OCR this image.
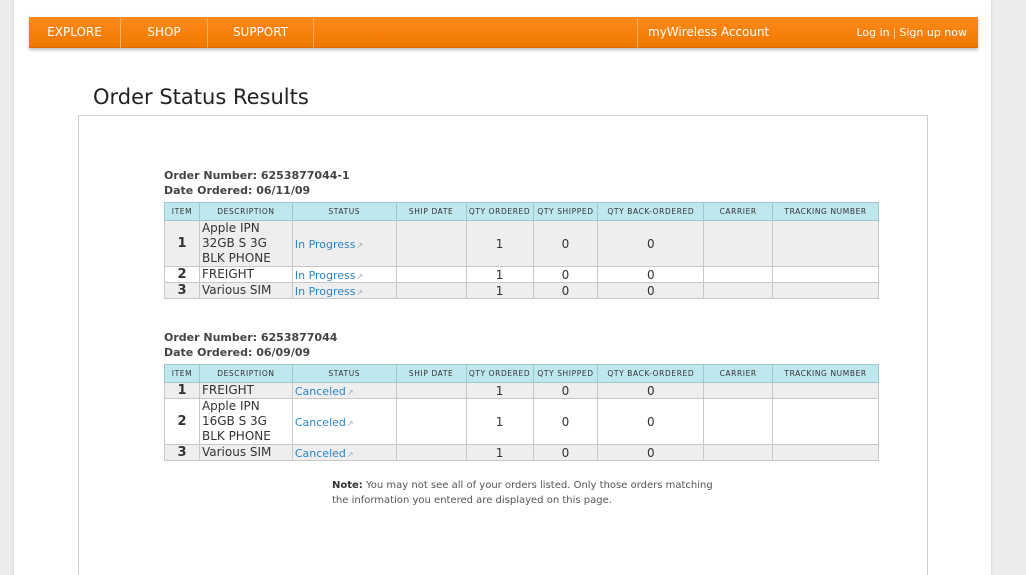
EXPLORE	SHOP	SUPPORT	myWireless Account	Log in | Sign up now
Order Status Results
Order Number: 6253877044-1
Date Ordered: 06/11/09
ITEM	DESCRIPTION	STATUS	SHIP DATE	QTY ORDERED	QTY SHIPPED	QTY BACK-ORDERED	CARRIER	TRACKING NUMBER
1	Apple IPN
32GB S 3G
BLK PHONE	In Progress↗		1	0	0		
2	FREIGHT	In Progress↗		1	0	0		
3	Various SIM	In Progress↗		1	0	0		
Order Number: 6253877044
Date Ordered: 06/09/09
ITEM	DESCRIPTION	STATUS	SHIP DATE	QTY ORDERED	QTY SHIPPED	QTY BACK-ORDERED	CARRIER	TRACKING NUMBER
1	FREIGHT	Canceled↗		1	0	0		
2	Apple IPN
16GB S 3G
BLK PHONE	Canceled↗		1	0	0		
3	Various SIM	Canceled↗		1	0	0		
Note: You may not see all of your orders listed. Only those orders matching the information you entered are displayed on this page.
